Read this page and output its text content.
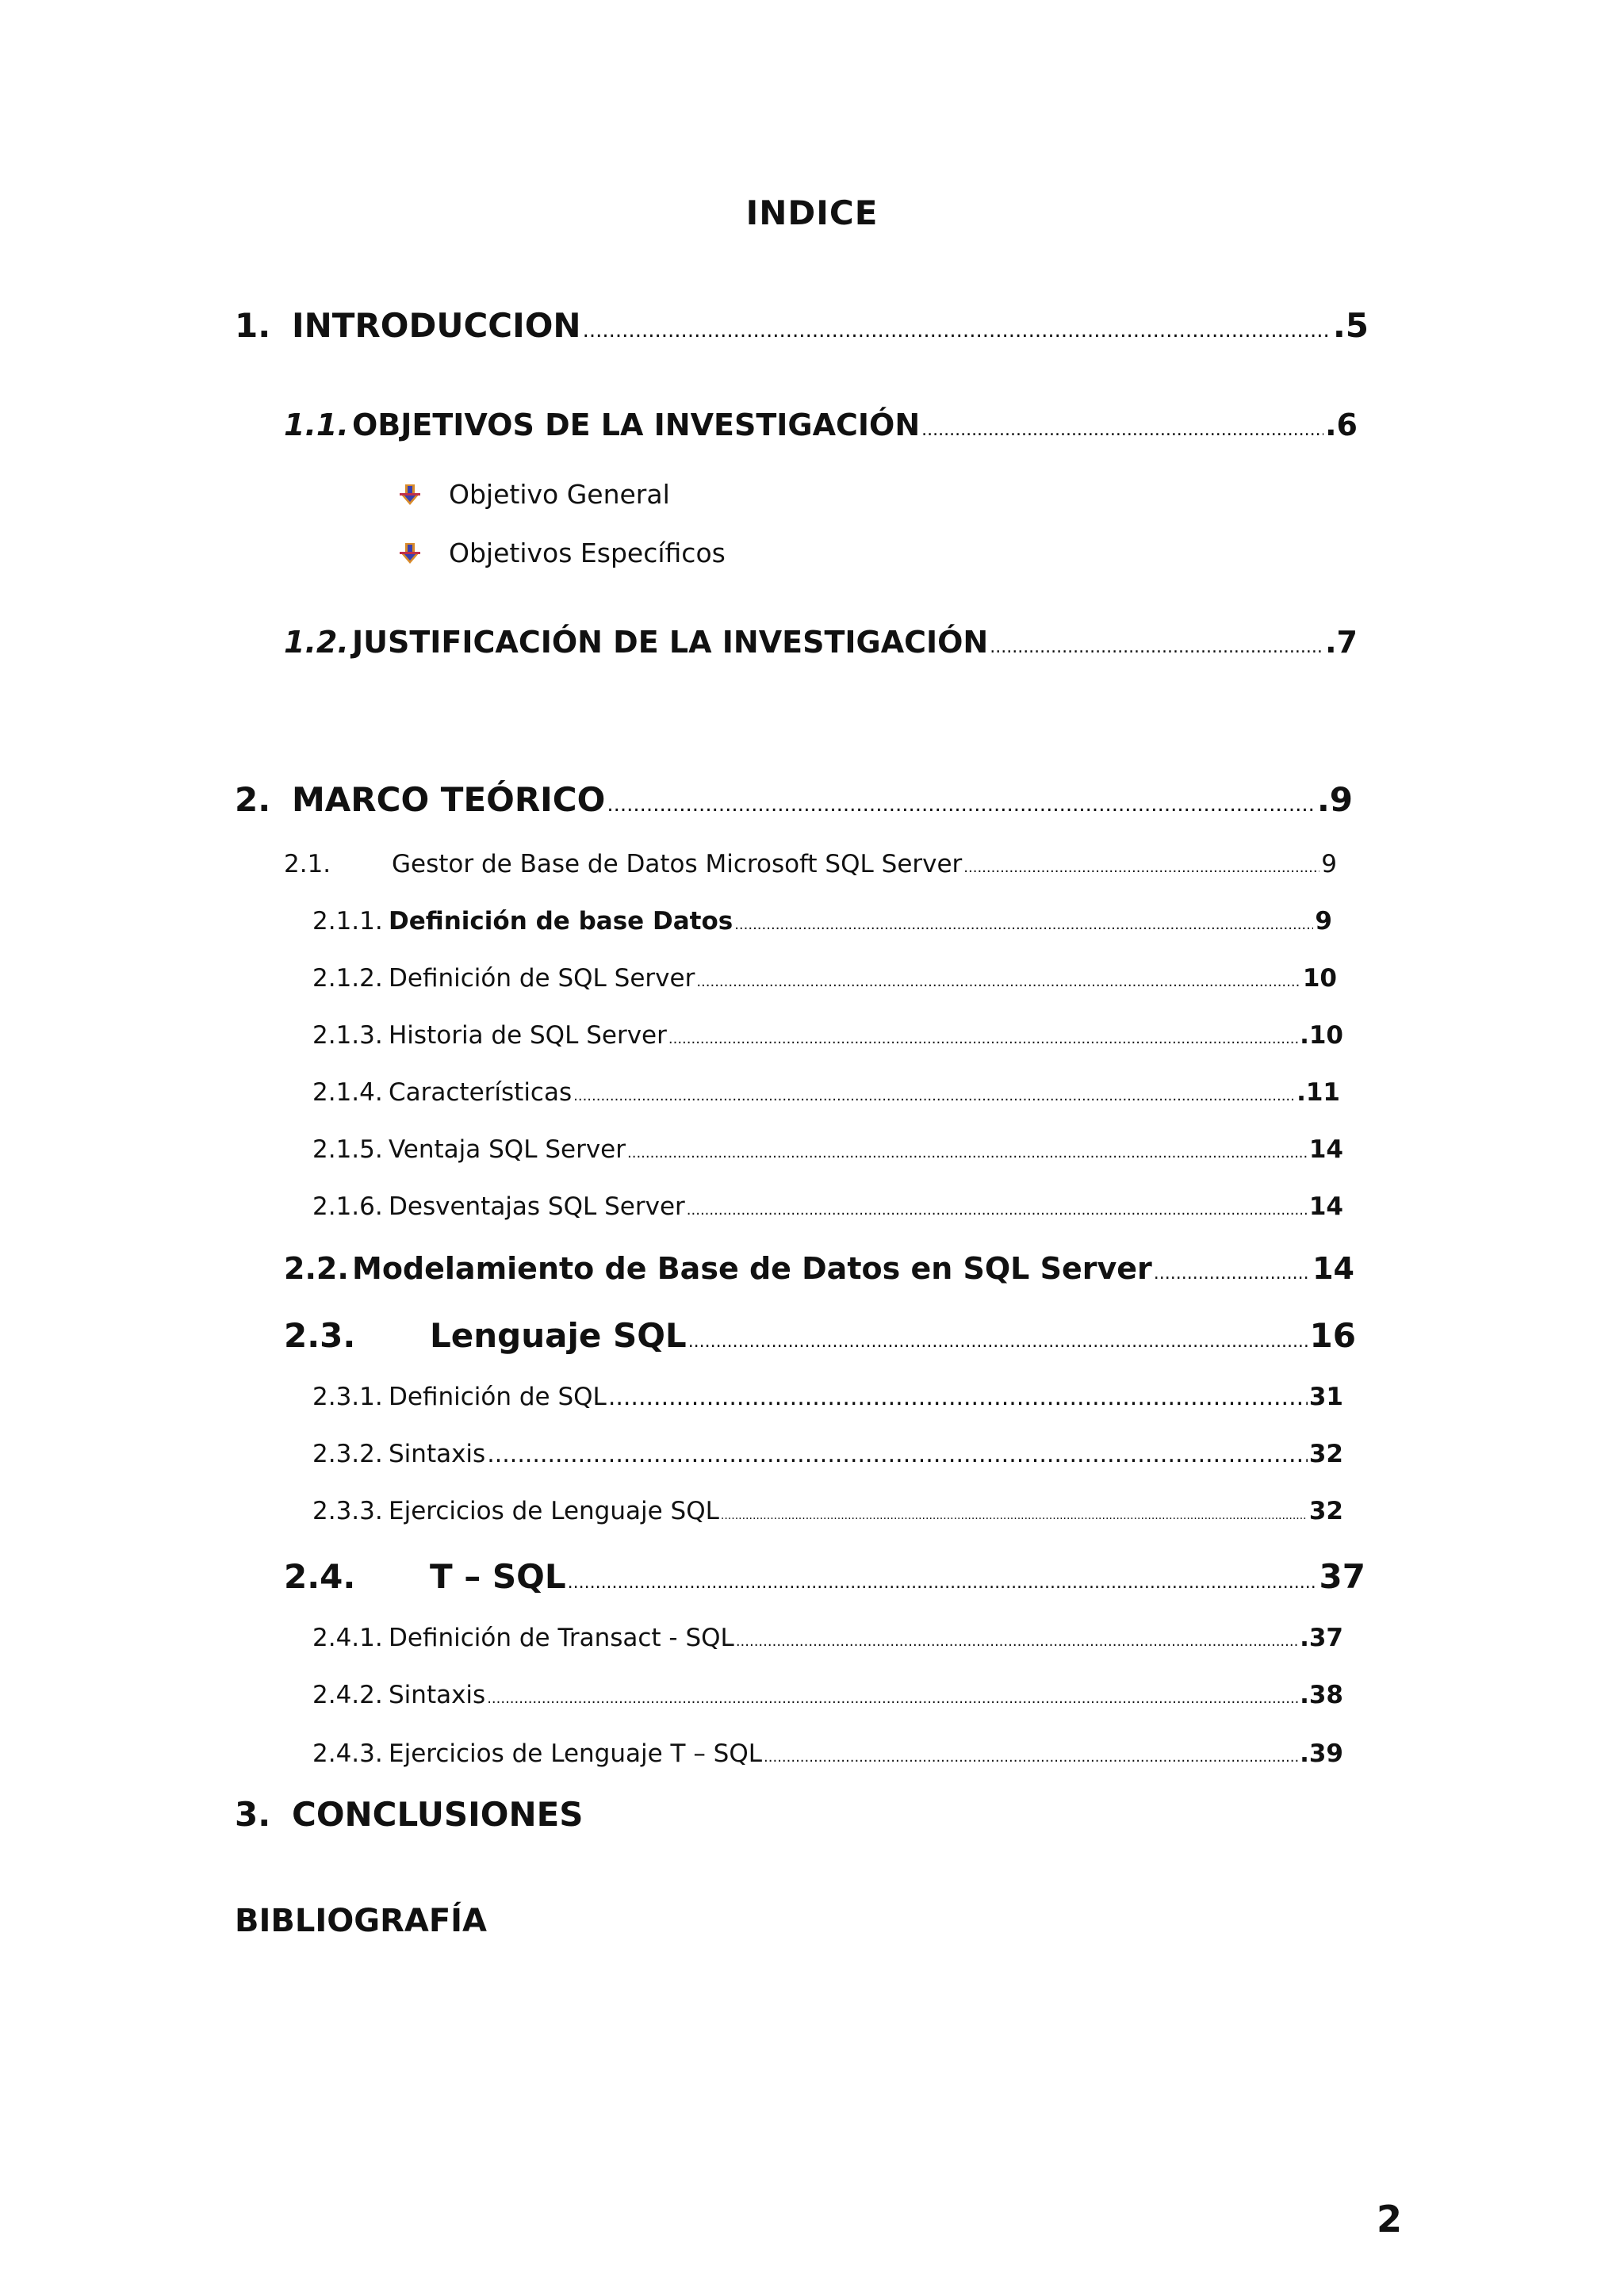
INDICE
1. INTRODUCCION .....	.5
1.1. OBJETIVOS DE LA INVESTIGACIÓN .....	.6
Objetivo General
Objetivos Específicos
1.2. JUSTIFICACIÓN DE LA INVESTIGACIÓN .....	.7
2. MARCO TEÓRICO .....	.9
2.1.	Gestor de Base de Datos Microsoft SQL Server .....	9
2.1.1. Definición de base Datos .....	9
2.1.2. Definición de SQL Server .....	10
2.1.3. Historia de SQL Server .....	.10
2.1.4. Características .....	.11
2.1.5. Ventaja SQL Server .....	14
2.1.6. Desventajas SQL Server .....	14
2.2. Modelamiento de Base de Datos en SQL Server .....	14
2.3.	Lenguaje SQL .....	16
2.3.1. Definición de SQL .....	31
2.3.2. Sintaxis .....	32
2.3.3. Ejercicios de Lenguaje SQL .....	32
2.4.	T – SQL .....	37
2.4.1. Definición de Transact - SQL .....	.37
2.4.2. Sintaxis .....	.38
2.4.3. Ejercicios de Lenguaje T – SQL .....	.39
3. CONCLUSIONES
BIBLIOGRAFÍA
2
